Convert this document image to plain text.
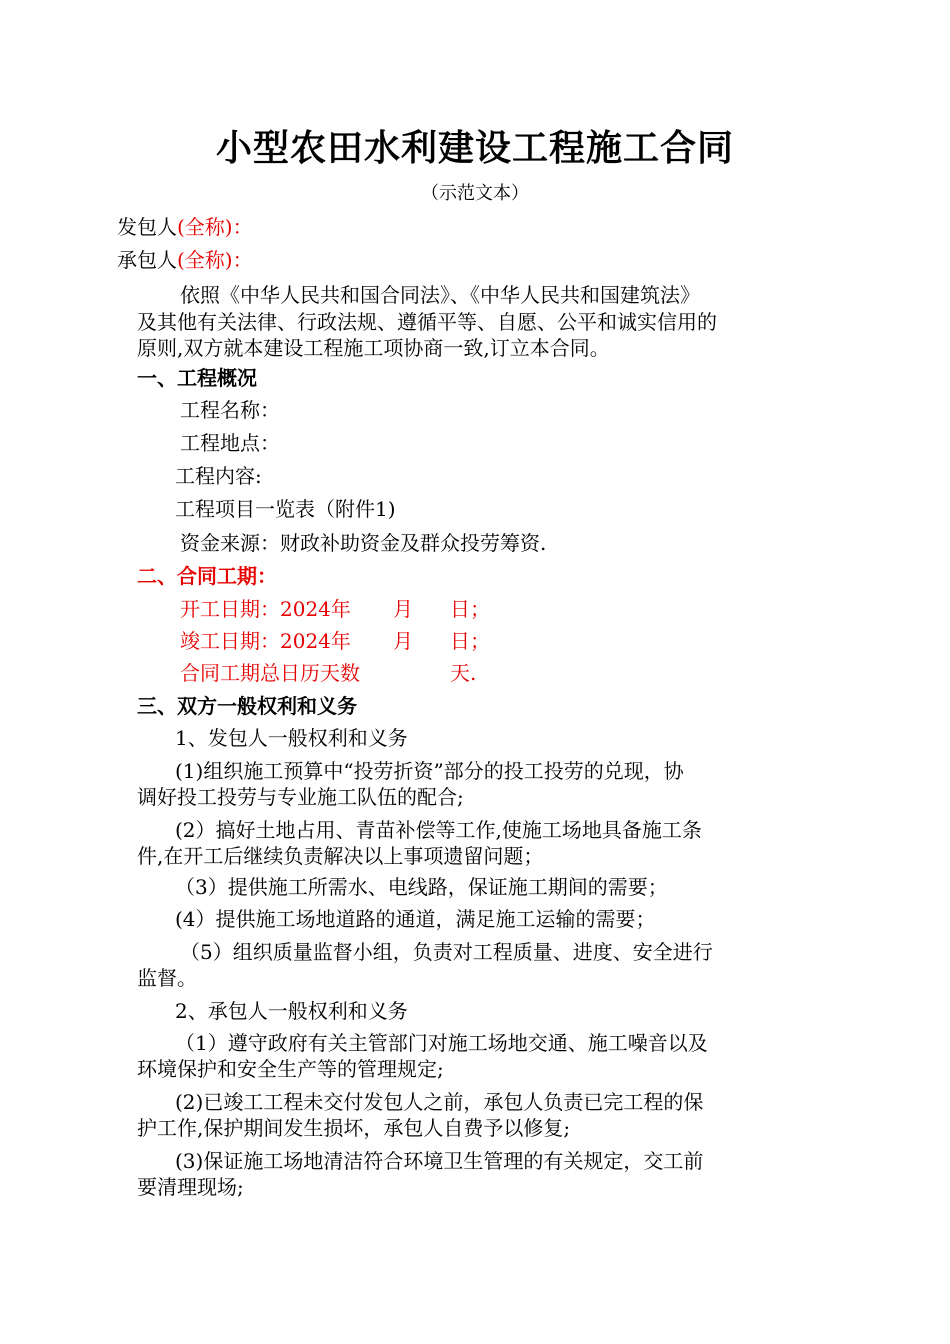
小型农田水利建设工程施工合同
（示范文本）
发包人(全称)：
承包人(全称)：
依照《中华人民共和国合同法》、《中华人民共和国建筑法》
及其他有关法律、行政法规、遵循平等、自愿、公平和诚实信用的
原则,双方就本建设工程施工项协商一致,订立本合同。
一、工程概况
工程名称：
工程地点：
工程内容:
工程项目一览表（附件1)
资金来源：财政补助资金及群众投劳筹资.
二、合同工期：
开工日期：2024年 月 日；
竣工日期：2024年 月 日；
合同工期总日历天数	天.
三、双方一般权利和义务
1、发包人一般权利和义务
(1)组织施工预算中“投劳折资”部分的投工投劳的兑现，协
调好投工投劳与专业施工队伍的配合;
(2）搞好土地占用、青苗补偿等工作,使施工场地具备施工条
件,在开工后继续负责解决以上事项遗留问题；
（3）提供施工所需水、电线路，保证施工期间的需要；
(4）提供施工场地道路的通道，满足施工运输的需要；
（5）组织质量监督小组，负责对工程质量、进度、安全进行
监督。
2、承包人一般权利和义务
（1）遵守政府有关主管部门对施工场地交通、施工噪音以及
环境保护和安全生产等的管理规定;
(2)已竣工工程未交付发包人之前，承包人负责已完工程的保
护工作,保护期间发生损坏，承包人自费予以修复;
(3)保证施工场地清洁符合环境卫生管理的有关规定，交工前
要清理现场;
